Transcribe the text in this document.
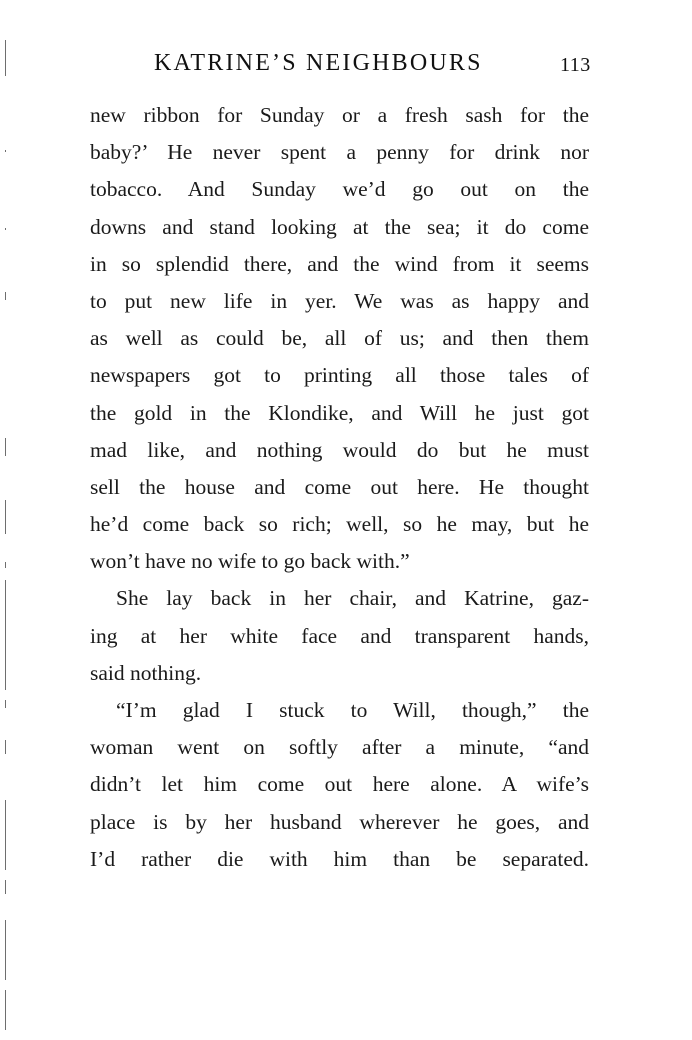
KATRINE’S NEIGHBOURS	113
new ribbon for Sunday or a fresh sash for the
baby?’ He never spent a penny for drink nor
tobacco. And Sunday we’d go out on the
downs and stand looking at the sea; it do come
in so splendid there, and the wind from it seems
to put new life in yer. We was as happy and
as well as could be, all of us; and then them
newspapers got to printing all those tales of
the gold in the Klondike, and Will he just got
mad like, and nothing would do but he must
sell the house and come out here. He thought
he’d come back so rich; well, so he may, but he
won’t have no wife to go back with.”
She lay back in her chair, and Katrine, gaz-
ing at her white face and transparent hands,
said nothing.
“I’m glad I stuck to Will, though,” the
woman went on softly after a minute, “and
didn’t let him come out here alone. A wife’s
place is by her husband wherever he goes, and
I’d rather die with him than be separated.
